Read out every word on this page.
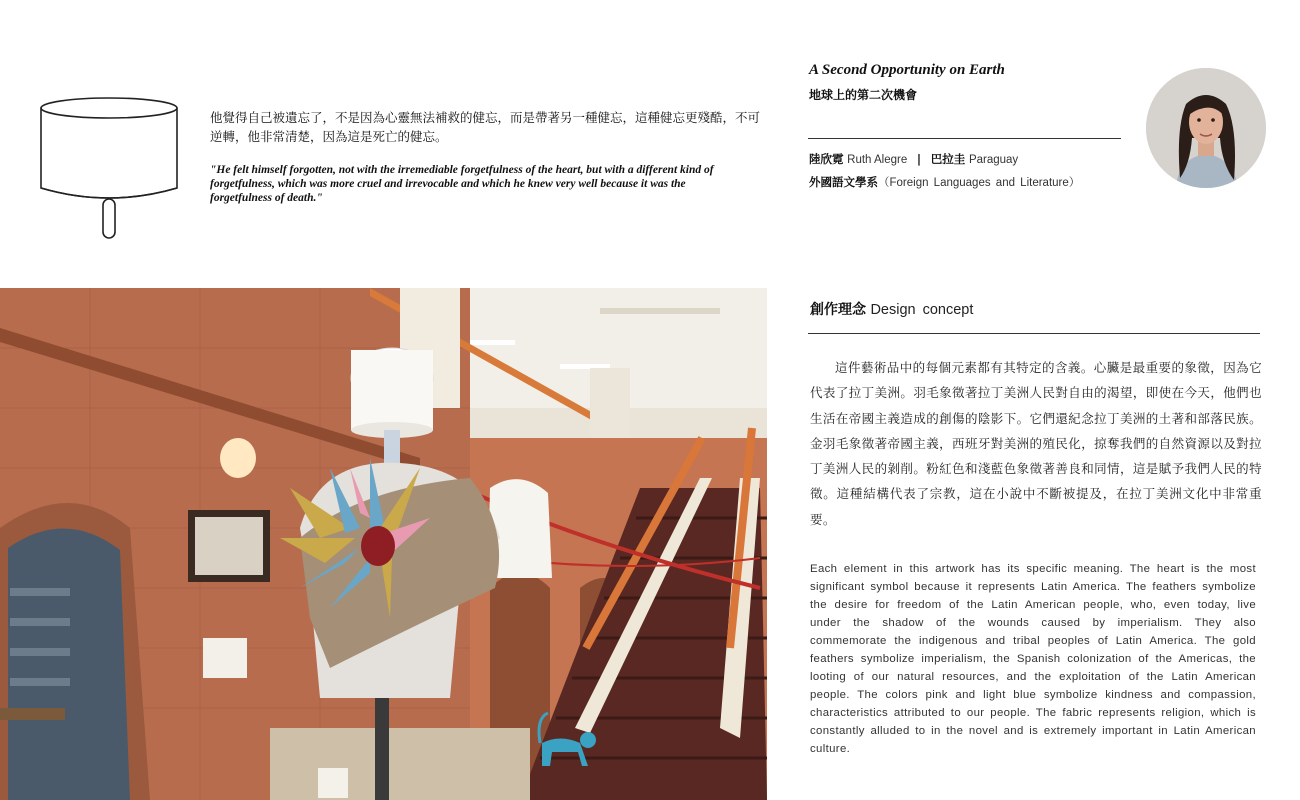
他覺得自己被遺忘了，不是因為心靈無法補救的健忘，而是帶著另一種健忘，這種健忘更殘酷，不可逆轉，他非常清楚，因為這是死亡的健忘。
"He felt himself forgotten, not with the irremediable forgetfulness of the heart, but with a different kind of forgetfulness, which was more cruel and irrevocable and which he knew very well because it was the forgetfulness of death."
A Second Opportunity on Earth
地球上的第二次機會
陸欣霓 Ruth Alegre | 巴拉圭 Paraguay
外國語文學系（Foreign Languages and Literature）
創作理念 Design concept
這件藝術品中的每個元素都有其特定的含義。心臟是最重要的象徵，因為它代表了拉丁美洲。羽毛象徵著拉丁美洲人民對自由的渴望，即使在今天，他們也生活在帝國主義造成的創傷的陰影下。它們還紀念拉丁美洲的土著和部落民族。金羽毛象徵著帝國主義，西班牙對美洲的殖民化，掠奪我們的自然資源以及對拉丁美洲人民的剝削。粉紅色和淺藍色象徵著善良和同情，這是賦予我們人民的特徵。這種結構代表了宗教，這在小說中不斷被提及，在拉丁美洲文化中非常重要。
Each element in this artwork has its specific meaning. The heart is the most significant symbol because it represents Latin America. The feathers symbolize the desire for freedom of the Latin American people, who, even today, live under the shadow of the wounds caused by imperialism. They also commemorate the indigenous and tribal peoples of Latin America. The gold feathers symbolize imperialism, the Spanish colonization of the Americas, the looting of our natural resources, and the exploitation of the Latin American people. The colors pink and light blue symbolize kindness and compassion, characteristics attributed to our people. The fabric represents religion, which is constantly alluded to in the novel and is extremely important in Latin American culture.
